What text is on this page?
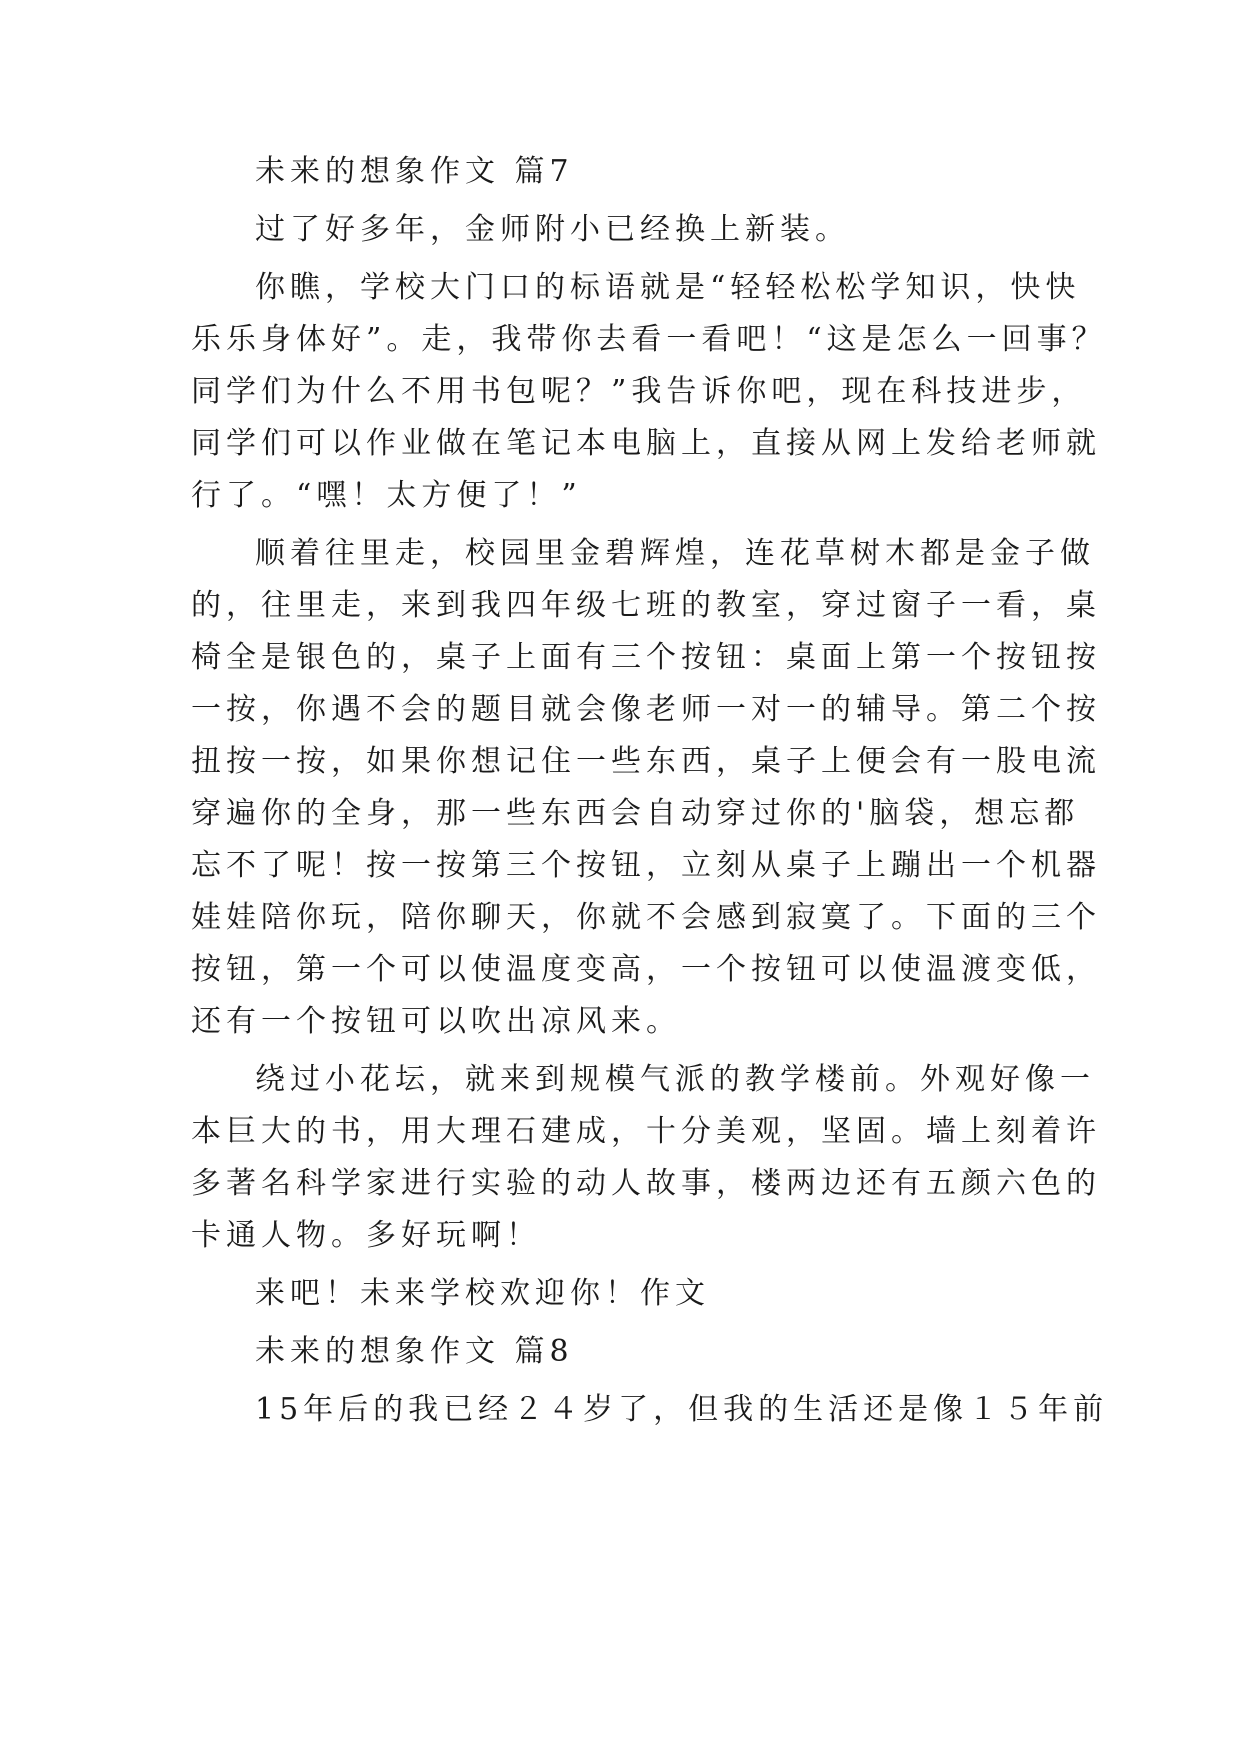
未来的想象作文 篇7

过了好多年，金师附小已经换上新装。

你瞧，学校大门口的标语就是“轻轻松松学知识，快快

乐乐身体好”。走，我带你去看一看吧！“这是怎么一回事？

同学们为什么不用书包呢？”我告诉你吧，现在科技进步，

同学们可以作业做在笔记本电脑上，直接从网上发给老师就

行了。“嘿！太方便了！”

顺着往里走，校园里金碧辉煌，连花草树木都是金子做

的，往里走，来到我四年级七班的教室，穿过窗子一看，桌

椅全是银色的，桌子上面有三个按钮：桌面上第一个按钮按

一按，你遇不会的题目就会像老师一对一的辅导。第二个按

扭按一按，如果你想记住一些东西，桌子上便会有一股电流

穿遍你的全身，那一些东西会自动穿过你的'脑袋，想忘都

忘不了呢！按一按第三个按钮，立刻从桌子上蹦出一个机器

娃娃陪你玩，陪你聊天，你就不会感到寂寞了。下面的三个

按钮，第一个可以使温度变高，一个按钮可以使温渡变低，

还有一个按钮可以吹出凉风来。

绕过小花坛，就来到规模气派的教学楼前。外观好像一

本巨大的书，用大理石建成，十分美观，坚固。墙上刻着许

多著名科学家进行实验的动人故事，楼两边还有五颜六色的

卡通人物。多好玩啊！

来吧！未来学校欢迎你！作文

未来的想象作文 篇8

15年后的我已经２４岁了，但我的生活还是像１５年前
